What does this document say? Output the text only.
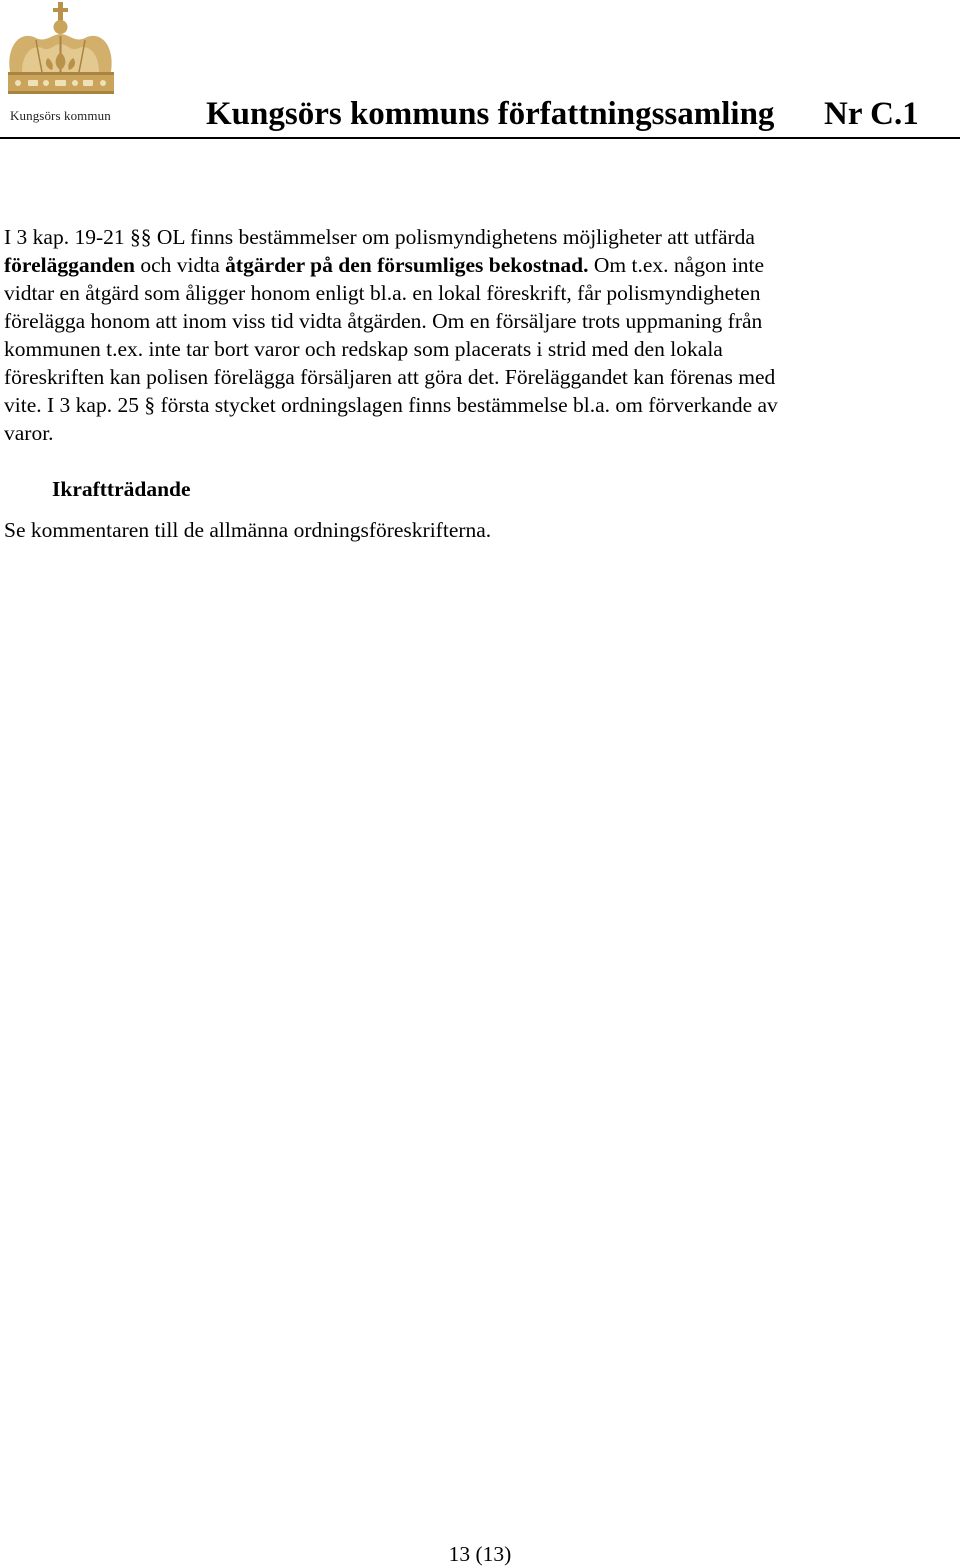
Kungsörs kommun	Kungsörs kommuns författningssamling Nr C.1
I 3 kap. 19-21 §§ OL finns bestämmelser om polismyndighetens möjligheter att utfärda
förelägganden och vidta åtgärder på den försumliges bekostnad. Om t.ex. någon inte
vidtar en åtgärd som åligger honom enligt bl.a. en lokal föreskrift, får polismyndigheten
förelägga honom att inom viss tid vidta åtgärden. Om en försäljare trots uppmaning från
kommunen t.ex. inte tar bort varor och redskap som placerats i strid med den lokala
föreskriften kan polisen förelägga försäljaren att göra det. Föreläggandet kan förenas med
vite. I 3 kap. 25 § första stycket ordningslagen finns bestämmelse bl.a. om förverkande av
varor.
Ikraftträdande
Se kommentaren till de allmänna ordningsföreskrifterna.
13 (13)
